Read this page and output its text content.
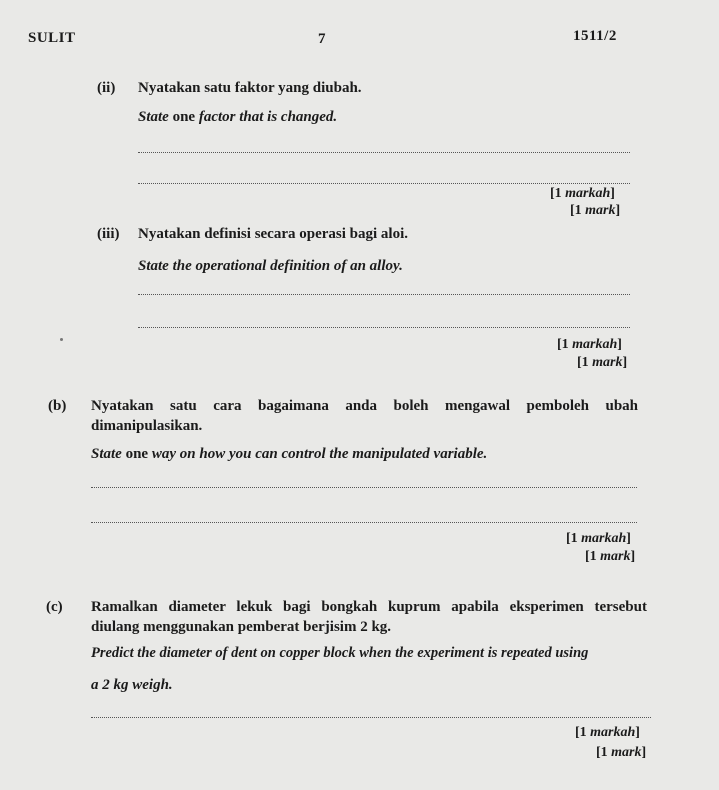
SULIT	7	1511/2
(ii) Nyatakan satu faktor yang diubah.
State one factor that is changed.
[1 markah]
[1 mark]
(iii) Nyatakan definisi secara operasi bagi aloi.
State the operational definition of an alloy.
[1 markah]
[1 mark]
(b) Nyatakan satu cara bagaimana anda boleh mengawal pemboleh ubah
dimanipulasikan.
State one way on how you can control the manipulated variable.
[1 markah]
[1 mark]
(c) Ramalkan diameter lekuk bagi bongkah kuprum apabila eksperimen tersebut
diulang menggunakan pemberat berjisim 2 kg.
Predict the diameter of dent on copper block when the experiment is repeated using
a 2 kg weigh.
[1 markah]
[1 mark]
